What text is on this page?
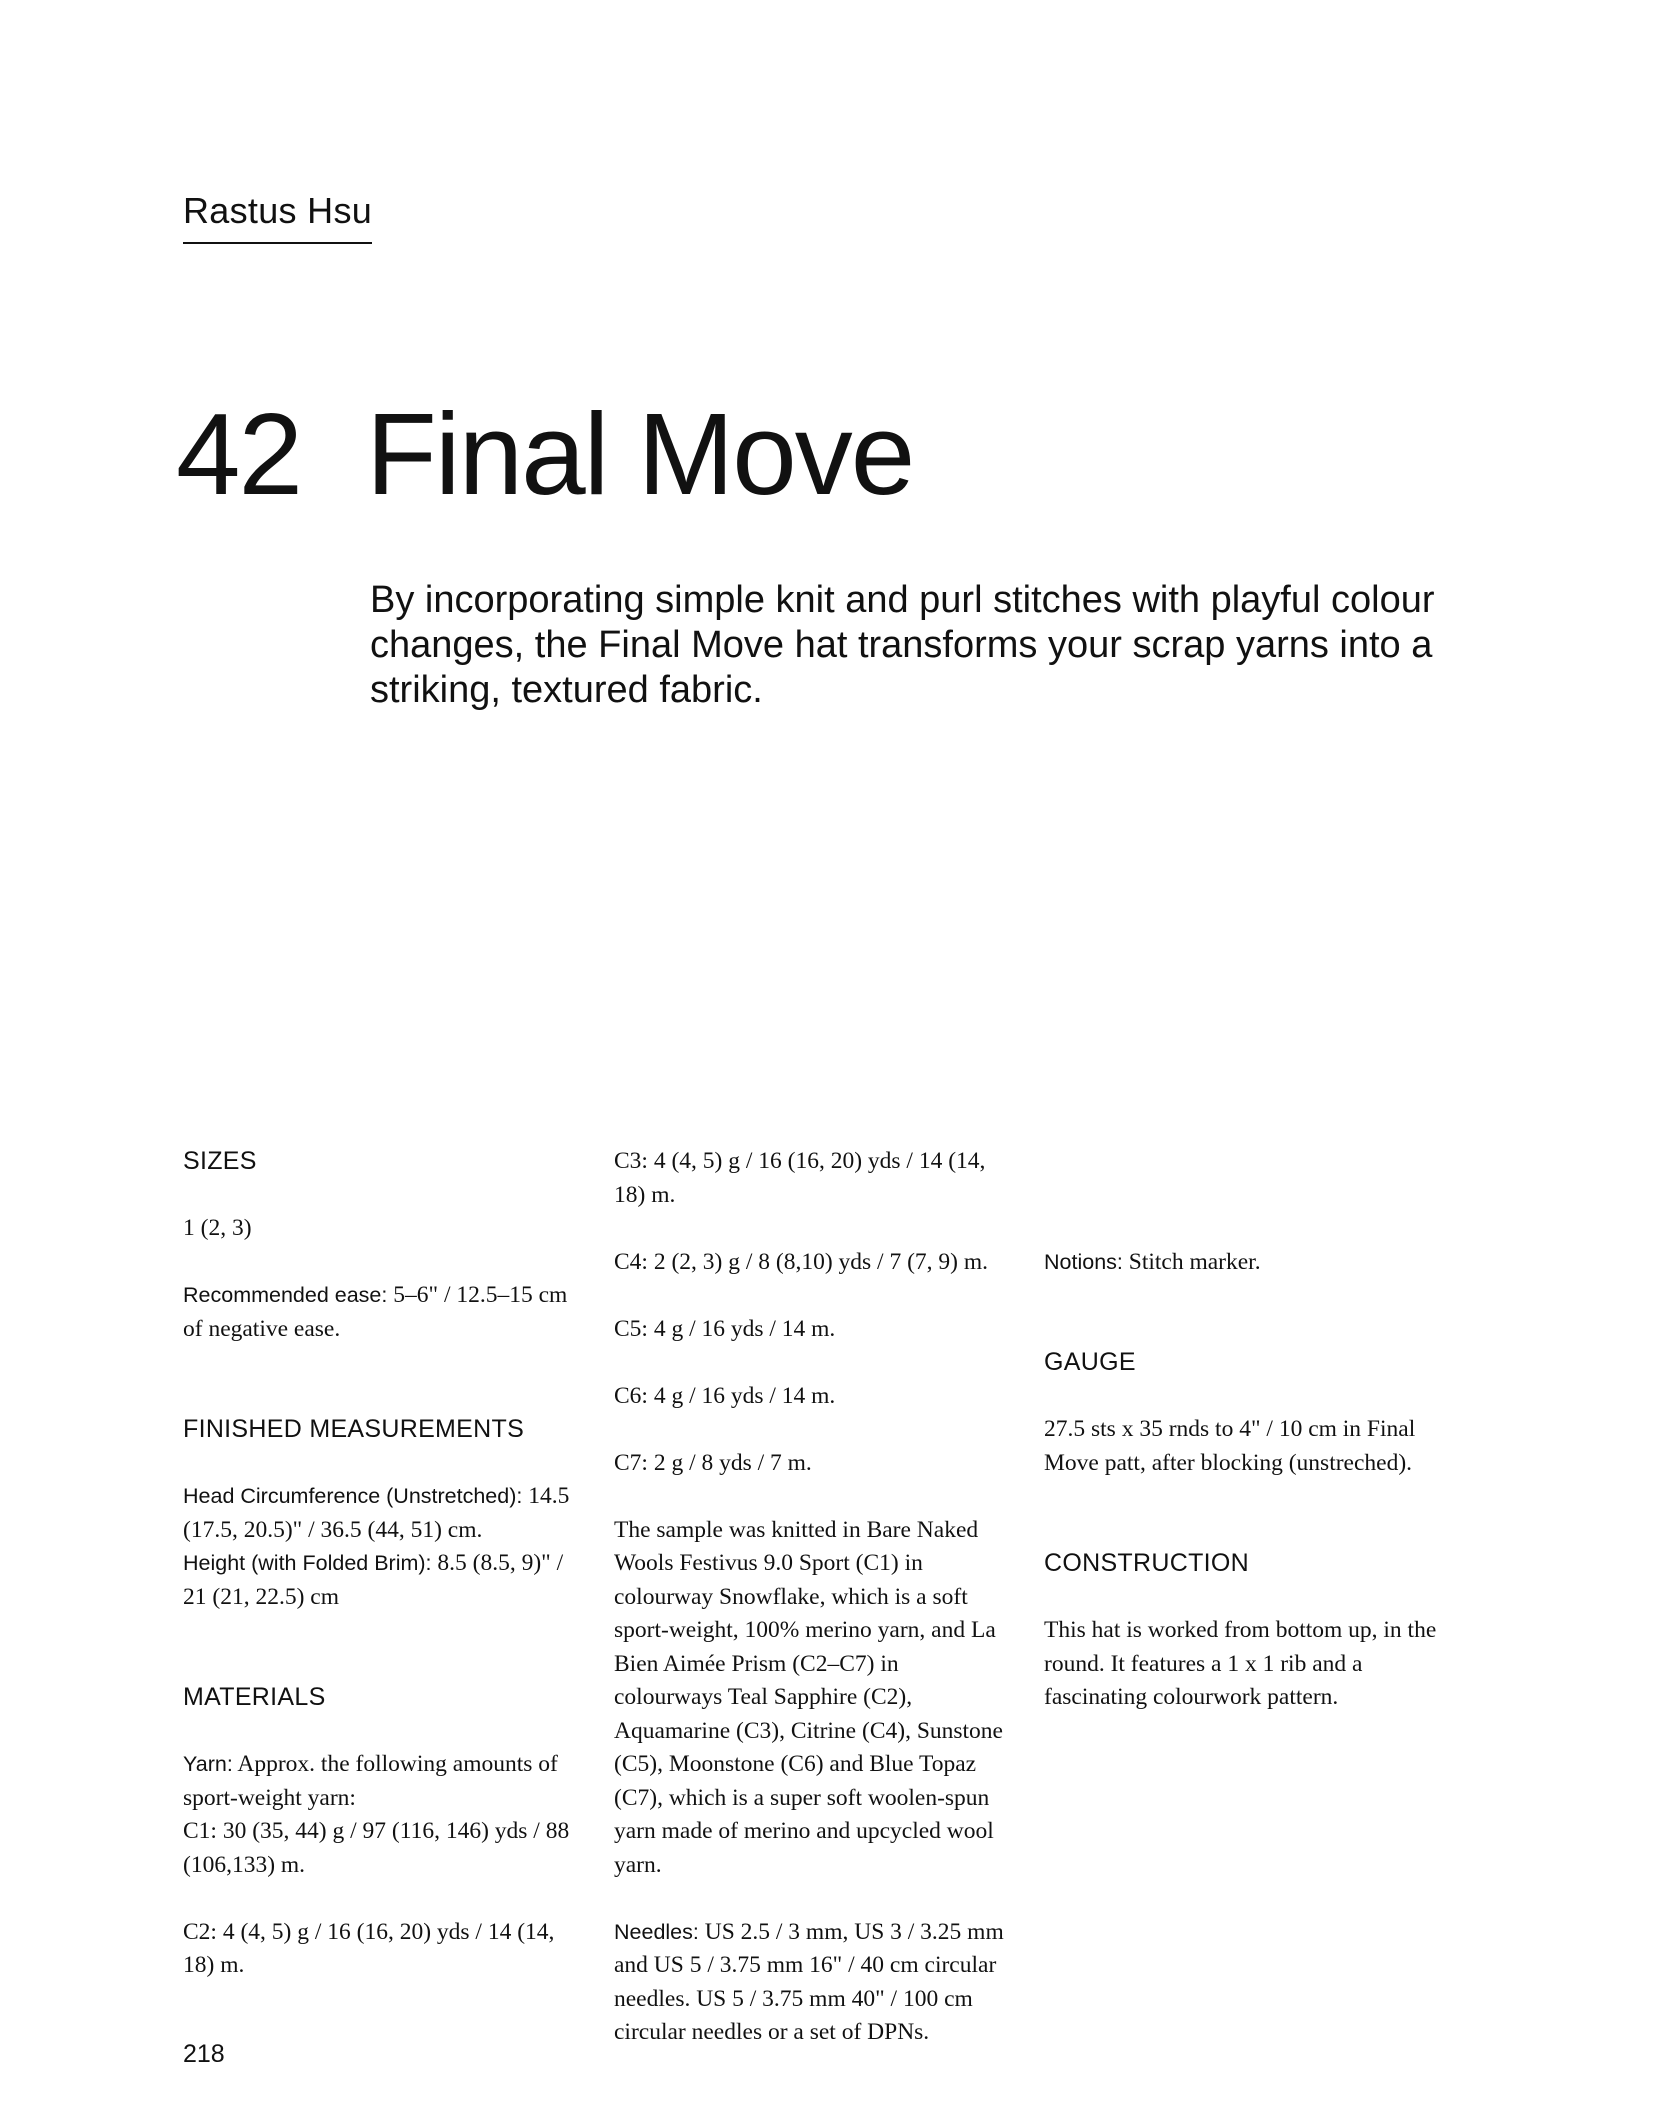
Rastus Hsu
42 Final Move
By incorporating simple knit and purl stitches with playful colour changes, the Final Move hat transforms your scrap yarns into a striking, textured fabric.

SIZES

1 (2, 3)

Recommended ease: 5–6" / 12.5–15 cm of negative ease.

FINISHED MEASUREMENTS

Head Circumference (Unstretched): 14.5 (17.5, 20.5)" / 36.5 (44, 51) cm.

Height (with Folded Brim): 8.5 (8.5, 9)" / 21 (21, 22.5) cm

MATERIALS

Yarn: Approx. the following amounts of sport-weight yarn:

C1: 30 (35, 44) g / 97 (116, 146) yds / 88 (106,133) m.

C2: 4 (4, 5) g / 16 (16, 20) yds / 14 (14, 18) m.

C3: 4 (4, 5) g / 16 (16, 20) yds / 14 (14, 18) m.

C4: 2 (2, 3) g / 8 (8,10) yds / 7 (7, 9) m.

C5: 4 g / 16 yds / 14 m.

C6: 4 g / 16 yds / 14 m.

C7: 2 g / 8 yds / 7 m.

The sample was knitted in Bare Naked Wools Festivus 9.0 Sport (C1) in colourway Snowflake, which is a soft sport-weight, 100% merino yarn, and La Bien Aimée Prism (C2–C7) in colourways Teal Sapphire (C2), Aquamarine (C3), Citrine (C4), Sunstone (C5), Moonstone (C6) and Blue Topaz (C7), which is a super soft woolen-spun yarn made of merino and upcycled wool yarn.

Needles: US 2.5 / 3 mm, US 3 / 3.25 mm and US 5 / 3.75 mm 16" / 40 cm circular needles. US 5 / 3.75 mm 40" / 100 cm circular needles or a set of DPNs.

Notions: Stitch marker.

GAUGE

27.5 sts x 35 rnds to 4" / 10 cm in Final Move patt, after blocking (unstreched).

CONSTRUCTION

This hat is worked from bottom up, in the round. It features a 1 x 1 rib and a fascinating colourwork pattern.

218
